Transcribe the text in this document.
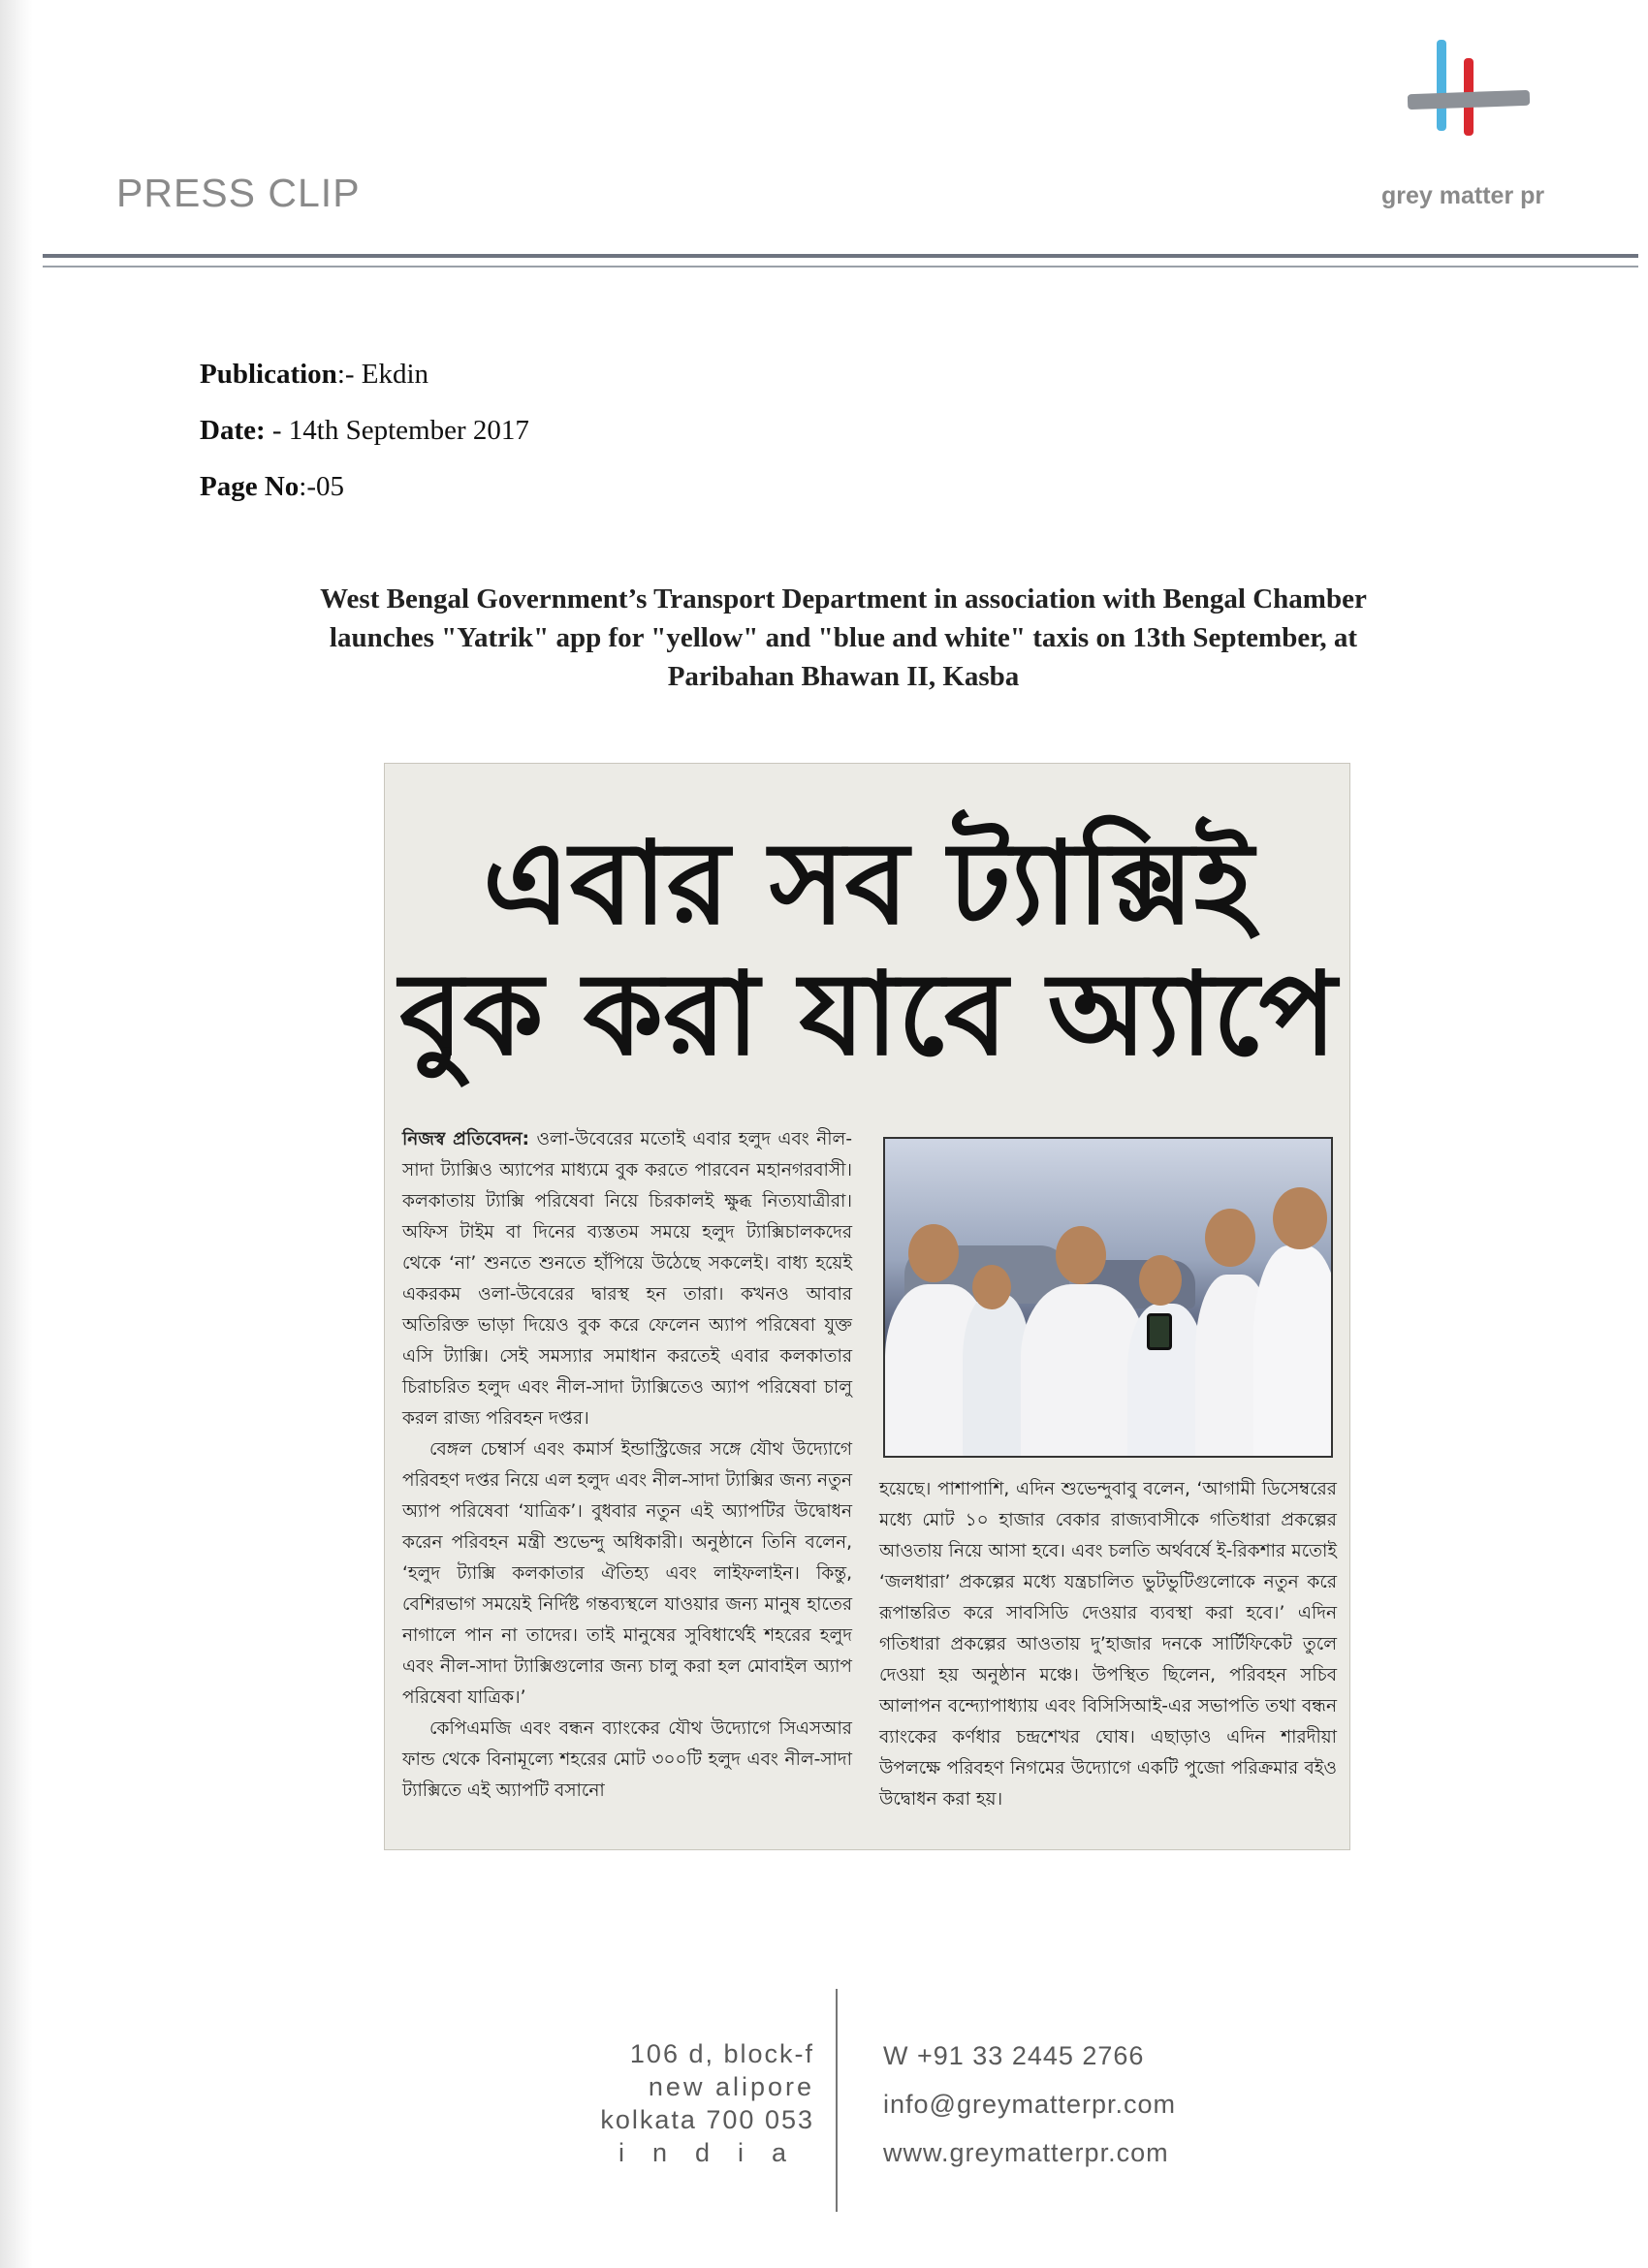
PRESS CLIP	grey matter pr
Publication:- Ekdin
Date: - 14th September 2017
Page No:-05
West Bengal Government’s Transport Department in association with Bengal Chamber
launches "Yatrik" app for "yellow" and "blue and white" taxis on 13th September, at
Paribahan Bhawan II, Kasba
এবার সব ট্যাক্সিই
বুক করা যাবে অ্যাপে

নিজস্ব প্রতিবেদন: ওলা-উবেরের মতোই এবার হলুদ এবং নীল-সাদা ট্যাক্সিও অ্যাপের মাধ্যমে বুক করতে পারবেন মহানগরবাসী। কলকাতায় ট্যাক্সি পরিষেবা নিয়ে চিরকালই ক্ষুব্ধ নিত্যযাত্রীরা। অফিস টাইম বা দিনের ব্যস্ততম সময়ে হলুদ ট্যাক্সিচালকদের থেকে ‘না’ শুনতে শুনতে হাঁপিয়ে উঠেছে সকলেই। বাধ্য হয়েই একরকম ওলা-উবেরের দ্বারস্থ হন তারা। কখনও আবার অতিরিক্ত ভাড়া দিয়েও বুক করে ফেলেন অ্যাপ পরিষেবা যুক্ত এসি ট্যাক্সি। সেই সমস্যার সমাধান করতেই এবার কলকাতার চিরাচরিত হলুদ এবং নীল-সাদা ট্যাক্সিতেও অ্যাপ পরিষেবা চালু করল রাজ্য পরিবহন দপ্তর।

বেঙ্গল চেম্বার্স এবং কমার্স ইন্ডাস্ট্রিজের সঙ্গে যৌথ উদ্যোগে পরিবহণ দপ্তর নিয়ে এল হলুদ এবং নীল-সাদা ট্যাক্সির জন্য নতুন অ্যাপ পরিষেবা ‘যাত্রিক’। বুধবার নতুন এই অ্যাপটির উদ্বোধন করেন পরিবহন মন্ত্রী শুভেন্দু অধিকারী। অনুষ্ঠানে তিনি বলেন, ‘হলুদ ট্যাক্সি কলকাতার ঐতিহ্য এবং লাইফলাইন। কিন্তু, বেশিরভাগ সময়েই নির্দিষ্ট গন্তব্যস্থলে যাওয়ার জন্য মানুষ হাতের নাগালে পান না তাদের। তাই মানুষের সুবিধার্থেই শহরের হলুদ এবং নীল-সাদা ট্যাক্সিগুলোর জন্য চালু করা হল মোবাইল অ্যাপ পরিষেবা যাত্রিক।’

কেপিএমজি এবং বন্ধন ব্যাংকের যৌথ উদ্যোগে সিএসআর ফান্ড থেকে বিনামূল্যে শহরের মোট ৩০০টি হলুদ এবং নীল-সাদা ট্যাক্সিতে এই অ্যাপটি বসানো

হয়েছে। পাশাপাশি, এদিন শুভেন্দুবাবু বলেন, ‘আগামী ডিসেম্বরের মধ্যে মোট ১০ হাজার বেকার রাজ্যবাসীকে গতিধারা প্রকল্পের আওতায় নিয়ে আসা হবে। এবং চলতি অর্থবর্ষে ই-রিকশার মতোই ‘জলধারা’ প্রকল্পের মধ্যে যন্ত্রচালিত ভুটভুটিগুলোকে নতুন করে রূপান্তরিত করে সাবসিডি দেওয়ার ব্যবস্থা করা হবে।’ এদিন গতিধারা প্রকল্পের আওতায় দু’হাজার দনকে সার্টিফিকেট তুলে দেওয়া হয় অনুষ্ঠান মঞ্চে। উপস্থিত ছিলেন, পরিবহন সচিব আলাপন বন্দ্যোপাধ্যায় এবং বিসিসিআই-এর সভাপতি তথা বন্ধন ব্যাংকের কর্ণধার চন্দ্রশেখর ঘোষ। এছাড়াও এদিন শারদীয়া উপলক্ষে পরিবহণ নিগমের উদ্যোগে একটি পুজো পরিক্রমার বইও উদ্বোধন করা হয়।

106 d, block-f
new alipore
kolkata 700 053
india
W +91 33 2445 2766
info@greymatterpr.com
www.greymatterpr.com
